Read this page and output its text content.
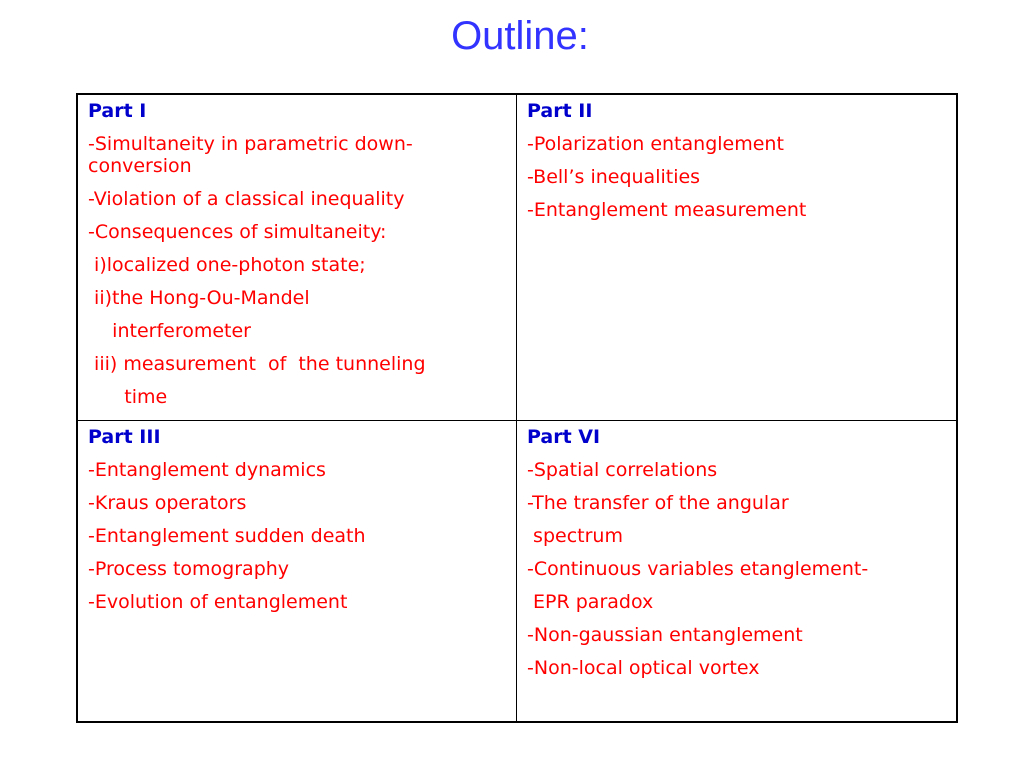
Outline:
Part I
-Simultaneity in parametric down-
conversion
-Violation of a classical inequality
-Consequences of simultaneity:
i)localized one-photon state;
ii)the Hong-Ou-Mandel
interferometer
iii) measurement  of  the tunneling
time
Part II
-Polarization entanglement
-Bell’s inequalities
-Entanglement measurement
Part III
-Entanglement dynamics
-Kraus operators
-Entanglement sudden death
-Process tomography
-Evolution of entanglement
Part VI
-Spatial correlations
-The transfer of the angular
spectrum
-Continuous variables etanglement-
EPR paradox
-Non-gaussian entanglement
-Non-local optical vortex
